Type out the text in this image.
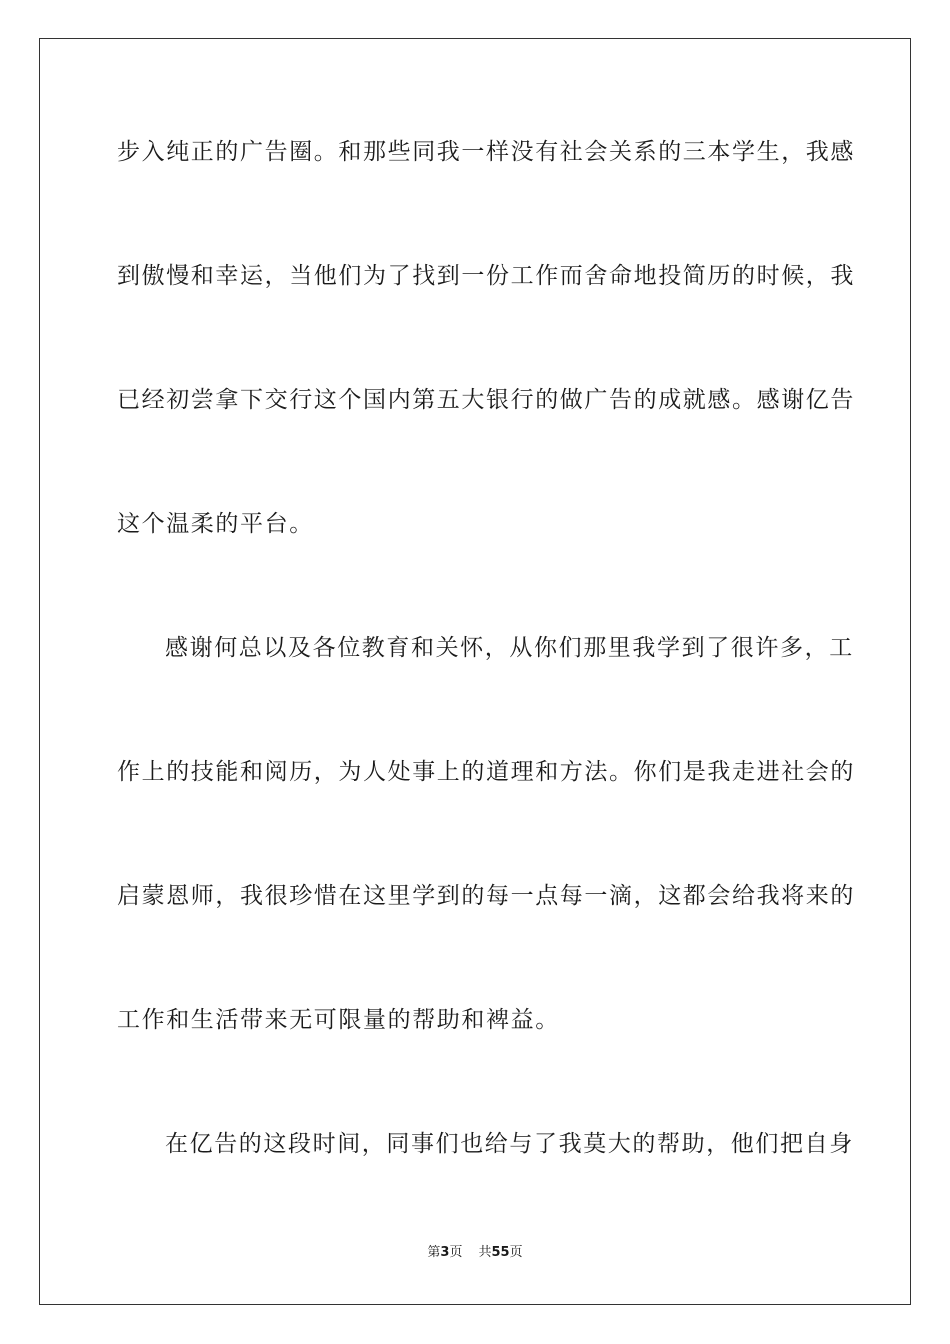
步入纯正的广告圈。和那些同我一样没有社会关系的三本学生，我感
到傲慢和幸运，当他们为了找到一份工作而舍命地投简历的时候，我
已经初尝拿下交行这个国内第五大银行的做广告的成就感。感谢亿告
这个温柔的平台。
感谢何总以及各位教育和关怀，从你们那里我学到了很许多，工
作上的技能和阅历，为人处事上的道理和方法。你们是我走进社会的
启蒙恩师，我很珍惜在这里学到的每一点每一滴，这都会给我将来的
工作和生活带来无可限量的帮助和裨益。
在亿告的这段时间，同事们也给与了我莫大的帮助，他们把自身
第3页 共55页
